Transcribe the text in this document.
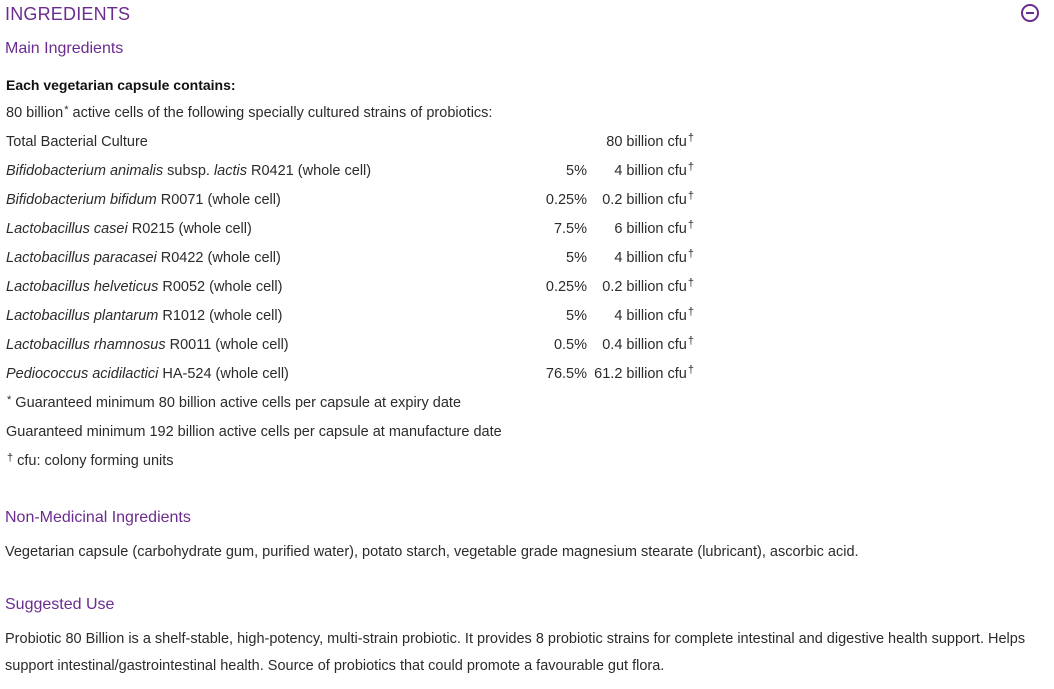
INGREDIENTS
Main Ingredients
Each vegetarian capsule contains:
80 billion* active cells of the following specially cultured strains of probiotics:
Total Bacterial Culture	80 billion cfu†
Bifidobacterium animalis subsp. lactis R0421 (whole cell)	5% 4 billion cfu†
Bifidobacterium bifidum R0071 (whole cell)	0.25% 0.2 billion cfu†
Lactobacillus casei R0215 (whole cell)	7.5% 6 billion cfu†
Lactobacillus paracasei R0422 (whole cell)	5% 4 billion cfu†
Lactobacillus helveticus R0052 (whole cell)	0.25% 0.2 billion cfu†
Lactobacillus plantarum R1012 (whole cell)	5% 4 billion cfu†
Lactobacillus rhamnosus R0011 (whole cell)	0.5% 0.4 billion cfu†
Pediococcus acidilactici HA-524 (whole cell)	76.5% 61.2 billion cfu†
* Guaranteed minimum 80 billion active cells per capsule at expiry date
Guaranteed minimum 192 billion active cells per capsule at manufacture date
† cfu: colony forming units
Non-Medicinal Ingredients
Vegetarian capsule (carbohydrate gum, purified water), potato starch, vegetable grade magnesium stearate (lubricant), ascorbic acid.
Suggested Use
Probiotic 80 Billion is a shelf-stable, high-potency, multi-strain probiotic. It provides 8 probiotic strains for complete intestinal and digestive health support. Helps support intestinal/gastrointestinal health. Source of probiotics that could promote a favourable gut flora.
